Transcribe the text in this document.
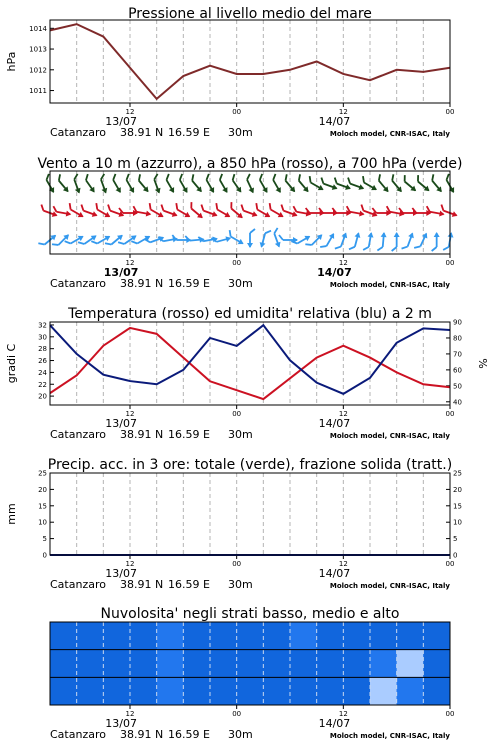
Pressione al livello medio del mare
12	00	12	00
13/07	14/07
Catanzaro 38.91 N 16.59 E 30m	Moloch model, CNR-ISAC, Italy
Vento a 10 m (azzurro), a 850 hPa (rosso), a 700 hPa (verde)
12	00	12	00
13/07	14/07
Catanzaro 38.91 N 16.59 E 30m	Moloch model, CNR-ISAC, Italy
Temperatura (rosso) ed umidita' relativa (blu) a 2 m
12	00	12	00
13/07	14/07
Catanzaro 38.91 N 16.59 E 30m	Moloch model, CNR-ISAC, Italy
Precip. acc. in 3 ore: totale (verde), frazione solida (tratt.)
12	00	12	00
13/07	14/07
Catanzaro 38.91 N 16.59 E 30m	Moloch model, CNR-ISAC, Italy
Nuvolosita' negli strati basso, medio e alto
12	00	12	00
13/07	14/07
Catanzaro 38.91 N 16.59 E 30m	Moloch model, CNR-ISAC, Italy
1011
1012
1013
1014
hPa
20
22
24
26
28
30
32
40
50
60
70
80
90
gradi C	%
0	0
5	5
10	10
15	15
20	20
25	25
mm
